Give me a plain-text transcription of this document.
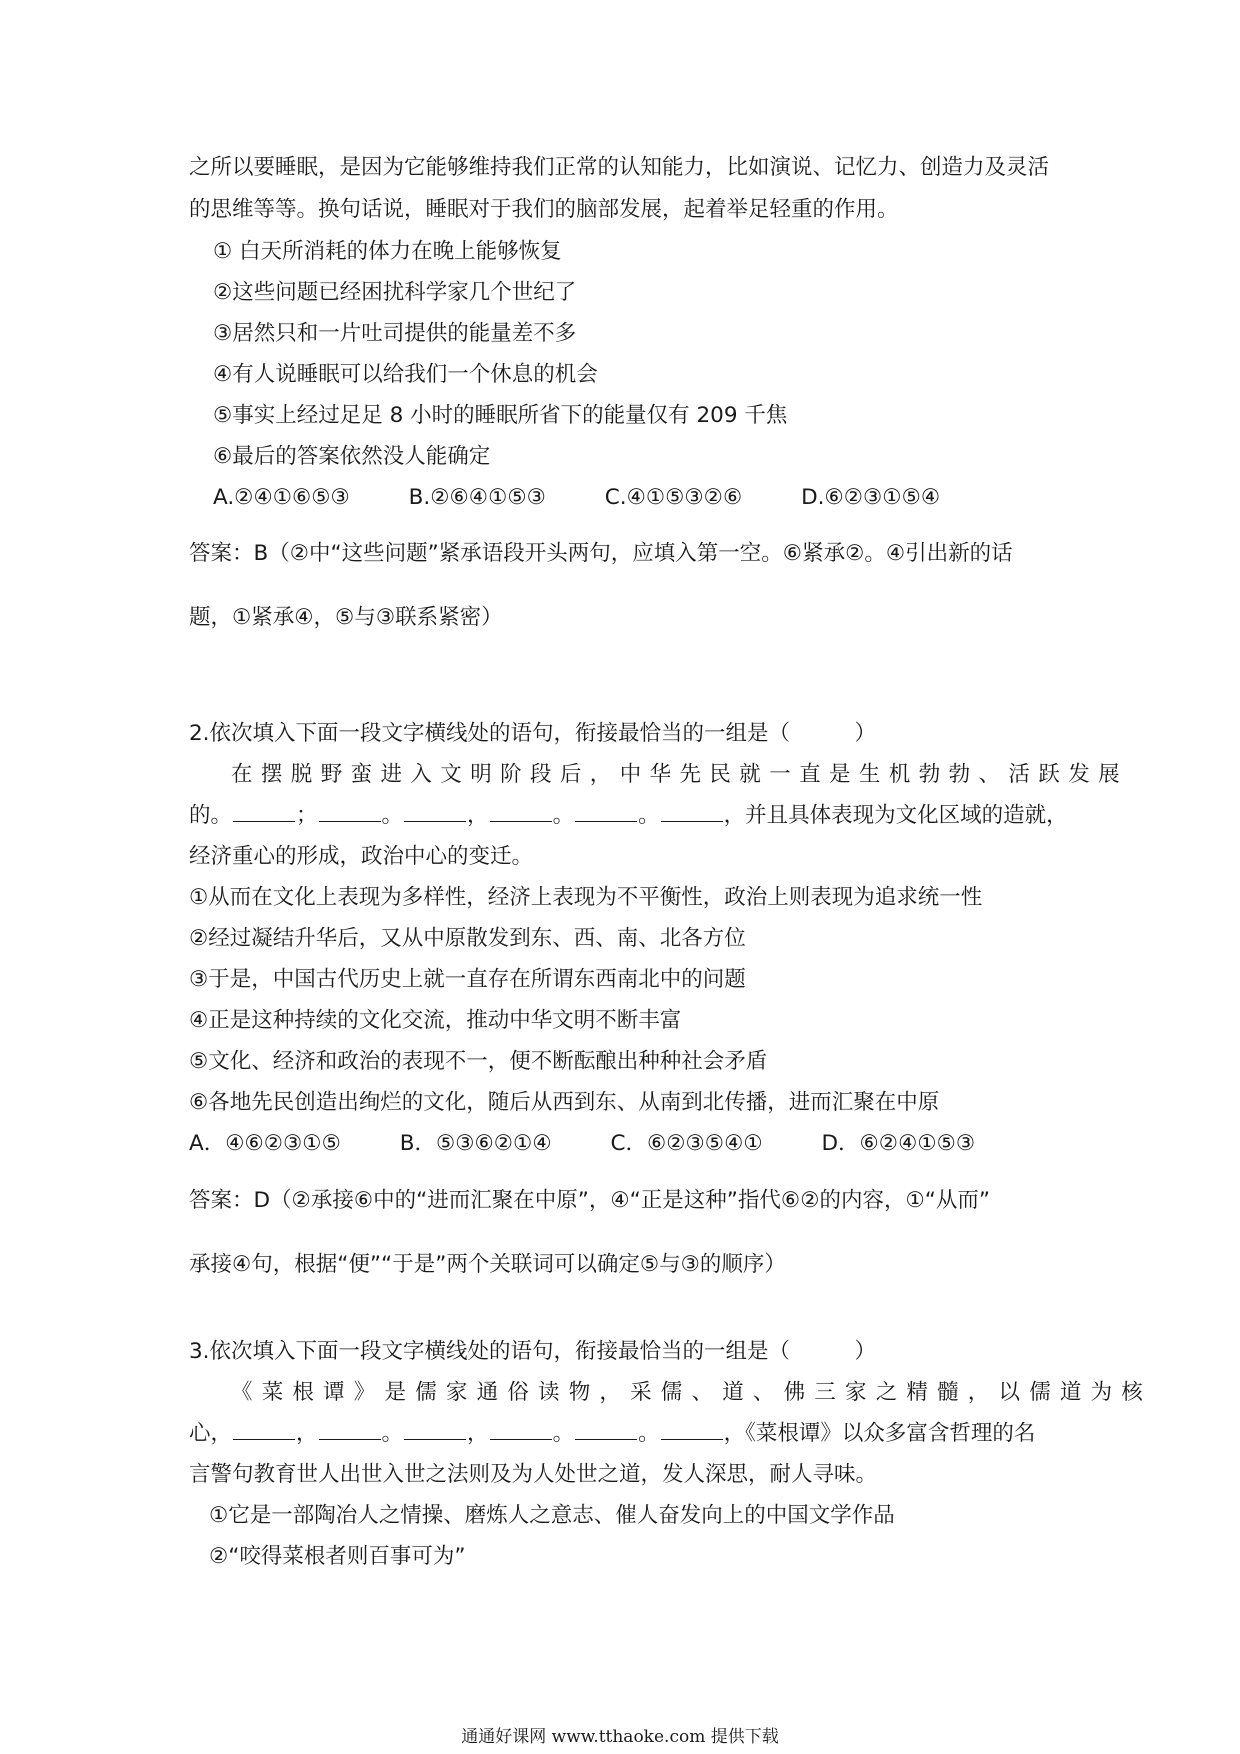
之所以要睡眠，是因为它能够维持我们正常的认知能力，比如演说、记忆力、创造力及灵活
的思维等等。换句话说，睡眠对于我们的脑部发展，起着举足轻重的作用。
① 白天所消耗的体力在晚上能够恢复
②这些问题已经困扰科学家几个世纪了
③居然只和一片吐司提供的能量差不多
④有人说睡眠可以给我们一个休息的机会
⑤事实上经过足足 8 小时的睡眠所省下的能量仅有 209 千焦
⑥最后的答案依然没人能确定
A.②④①⑥⑤③	B.②⑥④①⑤③	C.④①⑤③②⑥	D.⑥②③①⑤④
答案：B（②中“这些问题”紧承语段开头两句，应填入第一空。⑥紧承②。④引出新的话
题，①紧承④，⑤与③联系紧密）
2.依次填入下面一段文字横线处的语句，衔接最恰当的一组是（　　　）
在摆脱野蛮进入文明阶段后，中华先民就一直是生机勃勃、活跃发展
的。	；	。	，	。	。	，并且具体表现为文化区域的造就，
经济重心的形成，政治中心的变迁。
①从而在文化上表现为多样性，经济上表现为不平衡性，政治上则表现为追求统一性
②经过凝结升华后，又从中原散发到东、西、南、北各方位
③于是，中国古代历史上就一直存在所谓东西南北中的问题
④正是这种持续的文化交流，推动中华文明不断丰富
⑤文化、经济和政治的表现不一，便不断酝酿出种种社会矛盾
⑥各地先民创造出绚烂的文化，随后从西到东、从南到北传播，进而汇聚在中原
A．④⑥②③①⑤	B．⑤③⑥②①④	C．⑥②③⑤④①	D．⑥②④①⑤③
答案：D（②承接⑥中的“进而汇聚在中原”，④“正是这种”指代⑥②的内容，①“从而”
承接④句，根据“便”“于是”两个关联词可以确定⑤与③的顺序）
3.依次填入下面一段文字横线处的语句，衔接最恰当的一组是（　　　）
《菜根谭》是儒家通俗读物，采儒、道、佛三家之精髓，以儒道为核
心，	，	。	，	。	。	，《菜根谭》以众多富含哲理的名
言警句教育世人出世入世之法则及为人处世之道，发人深思，耐人寻味。
①它是一部陶冶人之情操、磨炼人之意志、催人奋发向上的中国文学作品
②“咬得菜根者则百事可为”
通通好课网 www.tthaoke.com 提供下载
